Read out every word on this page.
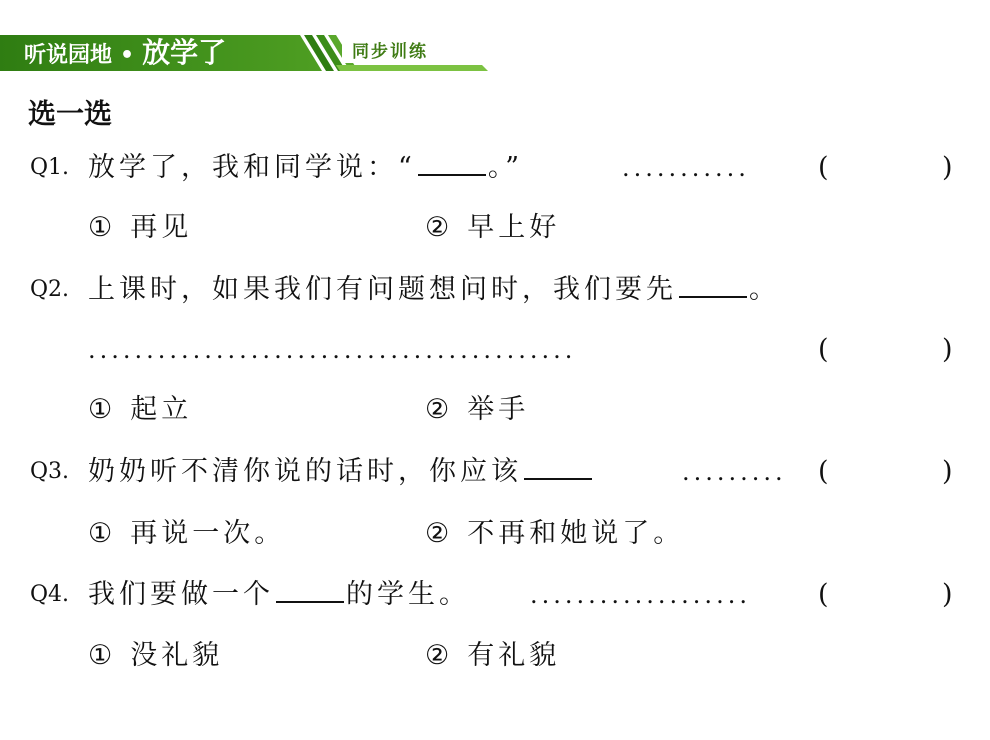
听说园地 • 放学了	同步训练
选一选
Q1. 放学了，我和同学说：“	。”	...........	(	)
① 再见	② 早上好
Q2. 上课时，如果我们有问题想问时，我们要先	。
..........................................	(	)
① 起立	② 举手
Q3. 奶奶听不清你说的话时，你应该	......... (	)
① 再说一次。	② 不再和她说了。
Q4. 我们要做一个	的学生。	................... (	)
① 没礼貌	② 有礼貌
